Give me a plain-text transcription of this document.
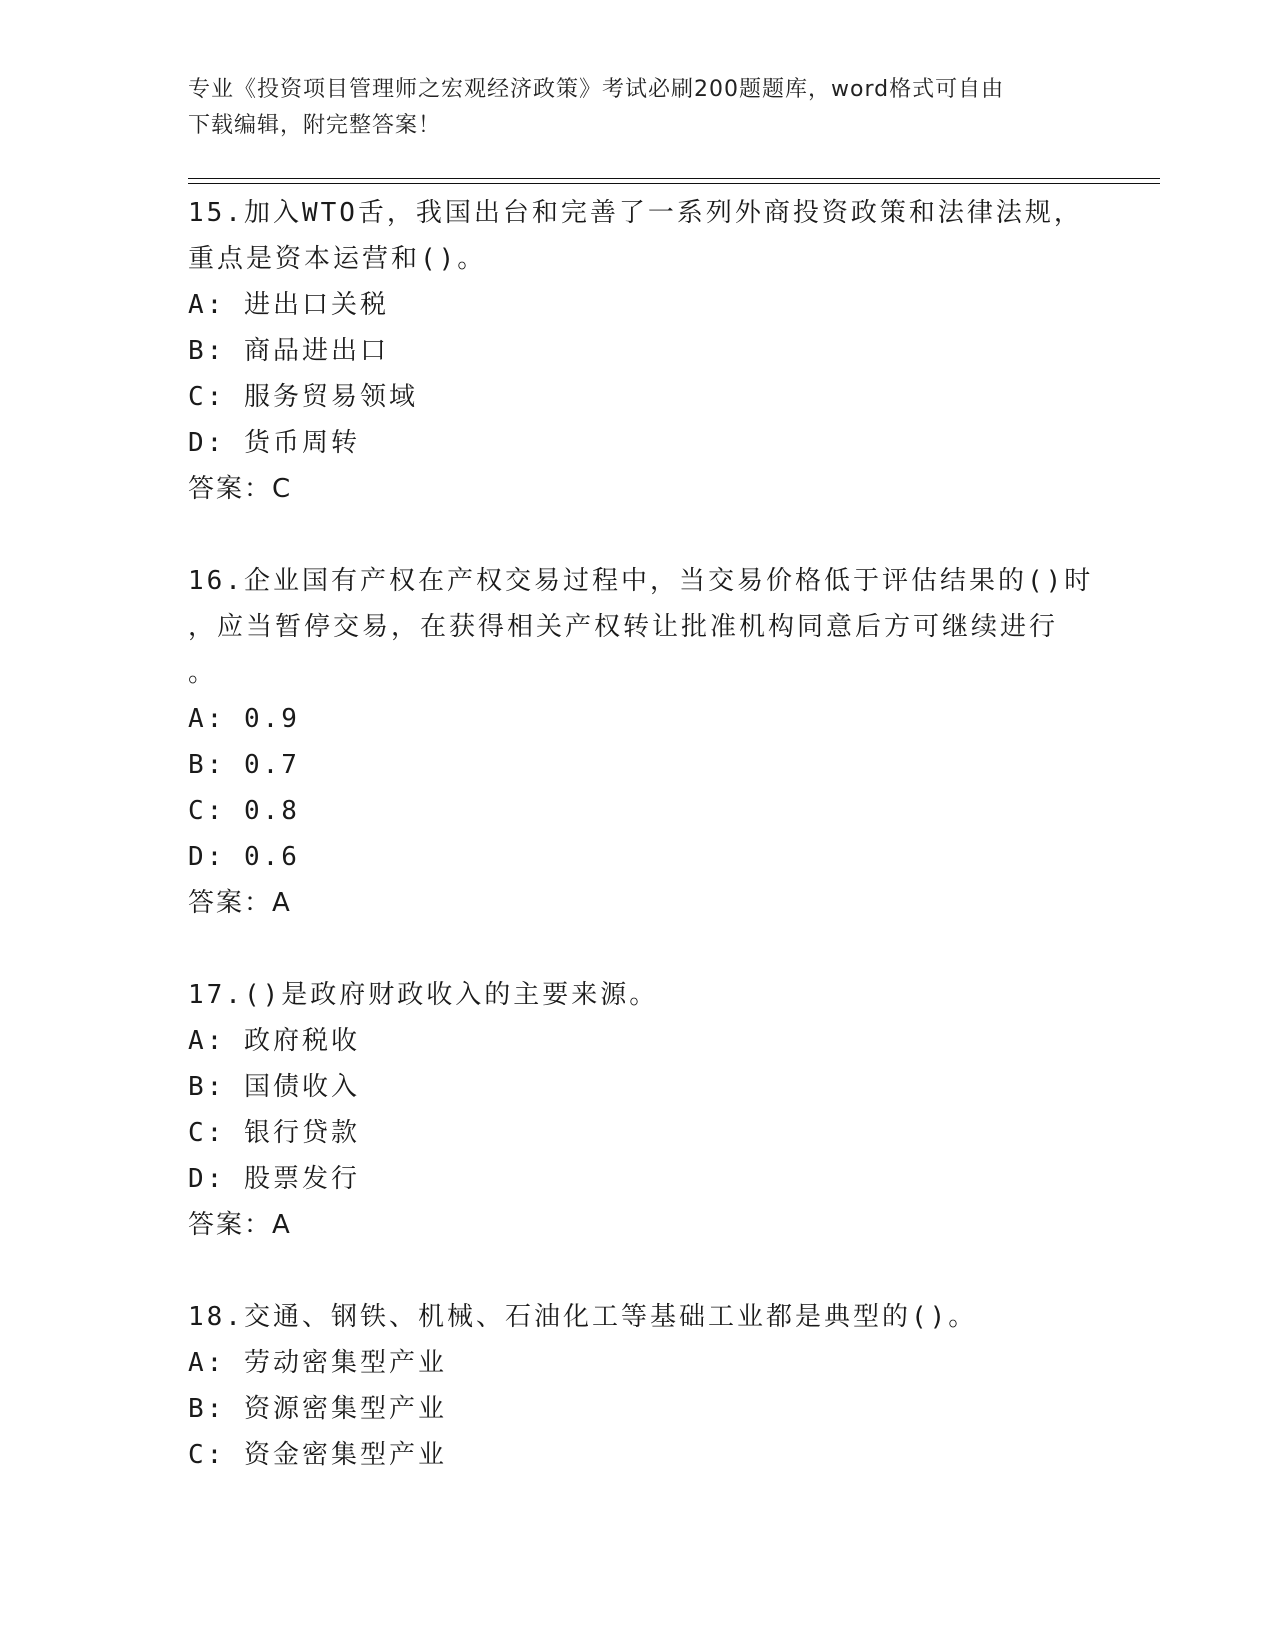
专业《投资项目管理师之宏观经济政策》考试必刷200题题库，word格式可自由
下载编辑，附完整答案！
15.加入WTO舌，我国出台和完善了一系列外商投资政策和法律法规，
重点是资本运营和()。
A: 进出口关税
B: 商品进出口
C: 服务贸易领域
D: 货币周转
答案：C
16.企业国有产权在产权交易过程中，当交易价格低于评估结果的()时
，应当暂停交易，在获得相关产权转让批准机构同意后方可继续进行
。
A: 0.9
B: 0.7
C: 0.8
D: 0.6
答案：A
17.()是政府财政收入的主要来源。
A: 政府税收
B: 国债收入
C: 银行贷款
D: 股票发行
答案：A
18.交通、钢铁、机械、石油化工等基础工业都是典型的()。
A: 劳动密集型产业
B: 资源密集型产业
C: 资金密集型产业
